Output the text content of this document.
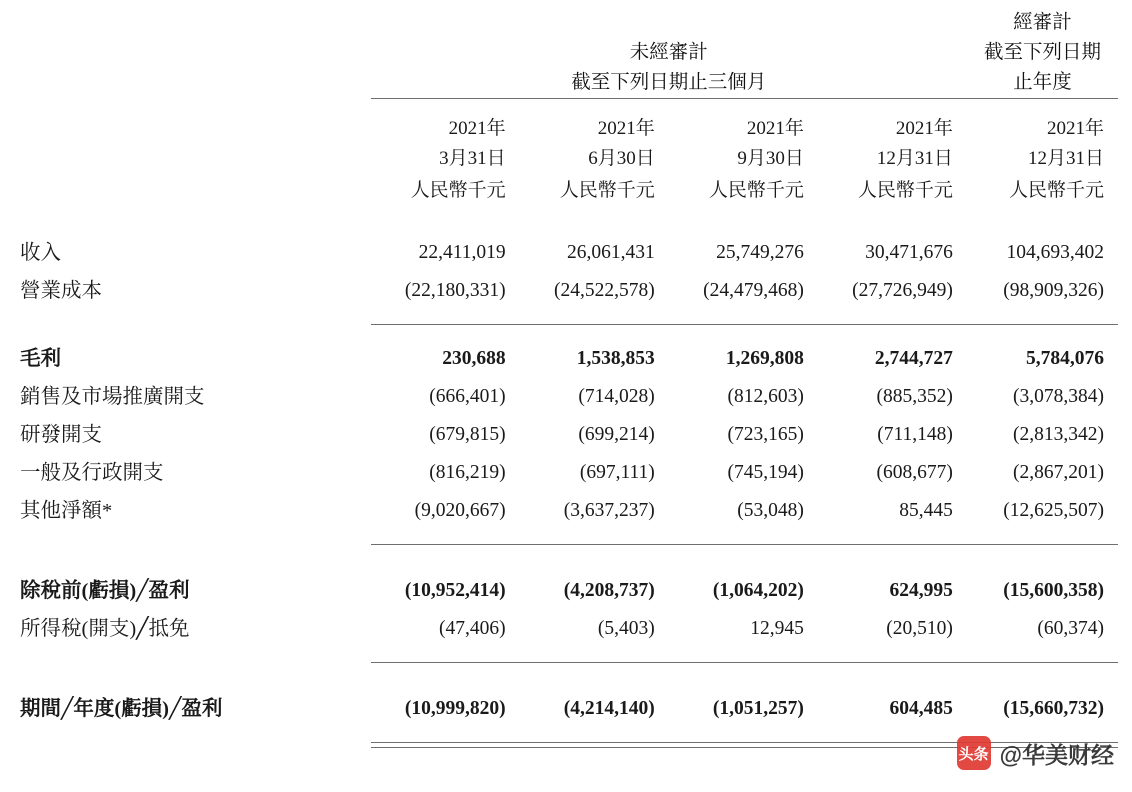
					經審計
	未經審計				截至下列日期
	截至下列日期止三個月				止年度

	2021年	2021年	2021年	2021年	2021年
	3月31日	6月30日	9月30日	12月31日	12月31日
	人民幣千元	人民幣千元	人民幣千元	人民幣千元	人民幣千元

收入	22,411,019	26,061,431	25,749,276	30,471,676	104,693,402
營業成本	(22,180,331)	(24,522,578)	(24,479,468)	(27,726,949)	(98,909,326)

毛利	230,688	1,538,853	1,269,808	2,744,727	5,784,076
銷售及市場推廣開支	(666,401)	(714,028)	(812,603)	(885,352)	(3,078,384)
研發開支	(679,815)	(699,214)	(723,165)	(711,148)	(2,813,342)
一般及行政開支	(816,219)	(697,111)	(745,194)	(608,677)	(2,867,201)
其他淨額*	(9,020,667)	(3,637,237)	(53,048)	85,445	(12,625,507)

除稅前(虧損)╱盈利	(10,952,414)	(4,208,737)	(1,064,202)	624,995	(15,600,358)
所得稅(開支)╱抵免	(47,406)	(5,403)	12,945	(20,510)	(60,374)

期間╱年度(虧損)╱盈利	(10,999,820)	(4,214,140)	(1,051,257)	604,485	(15,660,732)

头条 @华美财经
